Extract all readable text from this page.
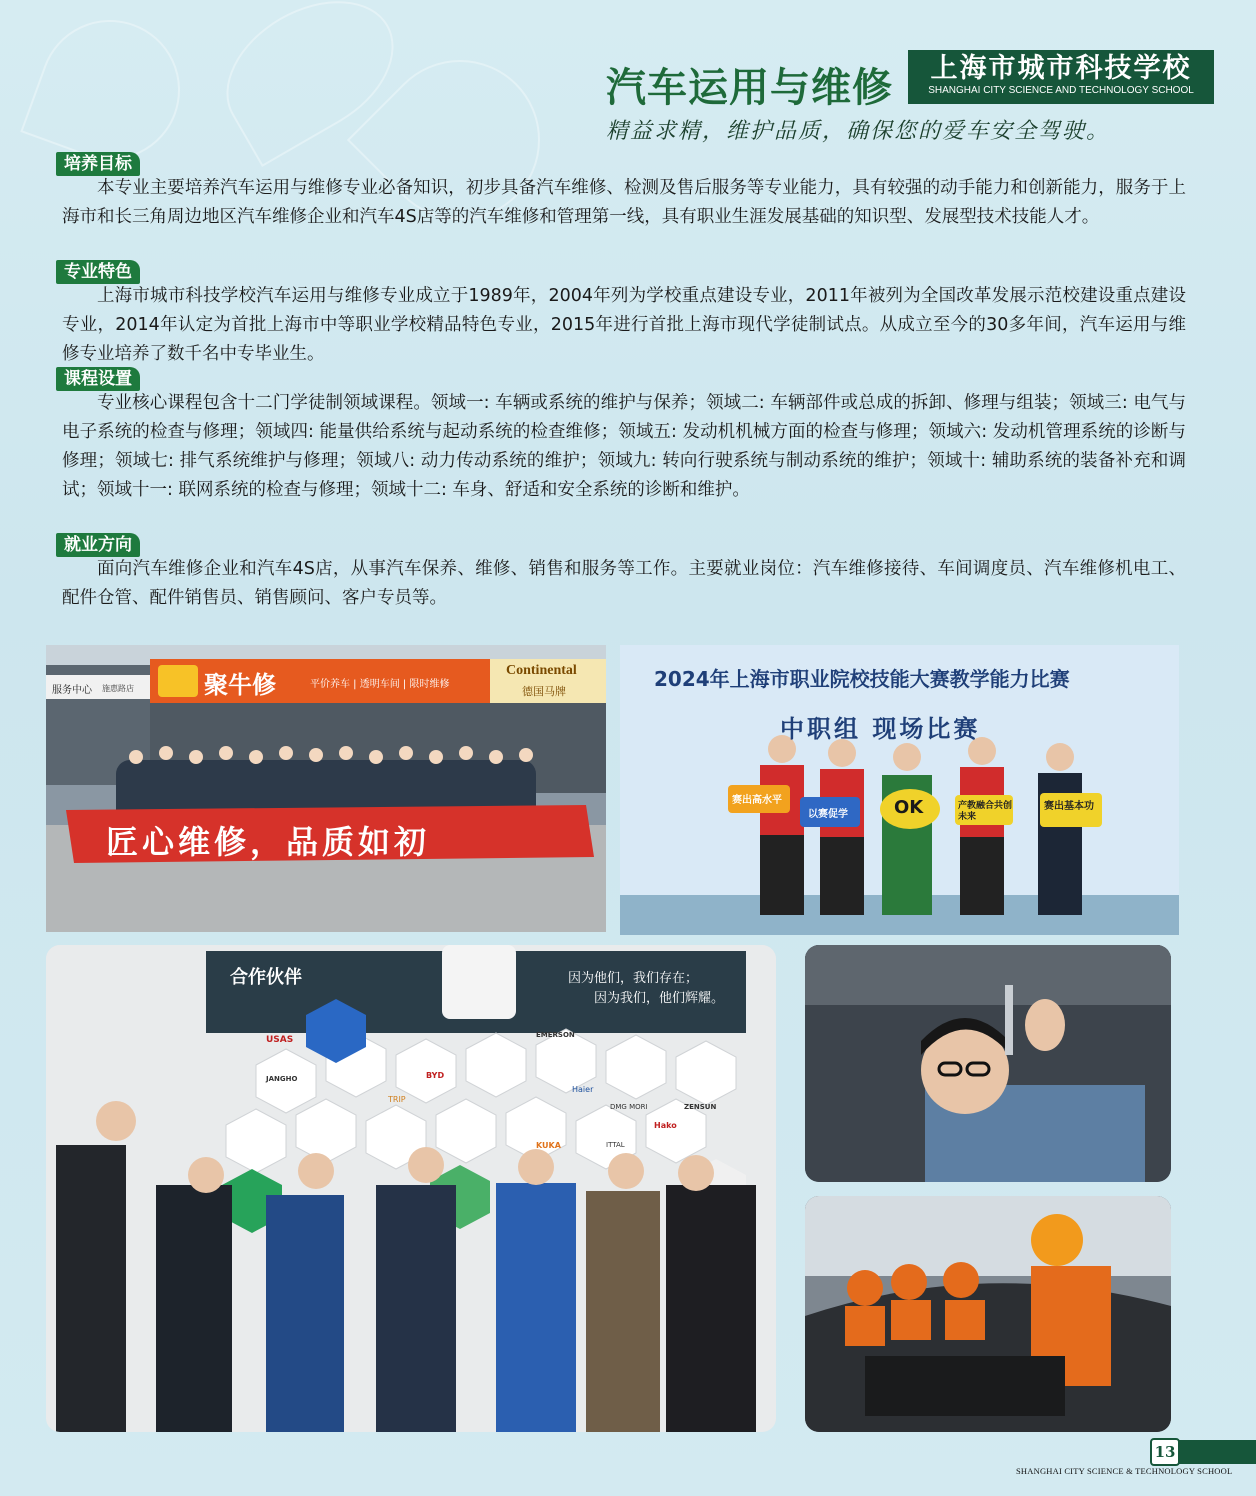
汽车运用与维修	上海市城市科技学校
SHANGHAI CITY SCIENCE AND TECHNOLOGY SCHOOL
精益求精，维护品质，确保您的爱车安全驾驶。
培养目标
本专业主要培养汽车运用与维修专业必备知识，初步具备汽车维修、检测及售后服务等专业能力，具有较强的动手能力和创新能力，服务于上海市和长三角周边地区汽车维修企业和汽车4S店等的汽车维修和管理第一线，具有职业生涯发展基础的知识型、发展型技术技能人才。
专业特色
上海市城市科技学校汽车运用与维修专业成立于1989年，2004年列为学校重点建设专业，2011年被列为全国改革发展示范校建设重点建设专业，2014年认定为首批上海市中等职业学校精品特色专业，2015年进行首批上海市现代学徒制试点。从成立至今的30多年间，汽车运用与维修专业培养了数千名中专毕业生。
课程设置
专业核心课程包含十二门学徒制领域课程。领域一: 车辆或系统的维护与保养；领域二: 车辆部件或总成的拆卸、修理与组装；领域三: 电气与电子系统的检查与修理；领域四: 能量供给系统与起动系统的检查维修；领域五: 发动机机械方面的检查与修理；领域六: 发动机管理系统的诊断与修理；领域七: 排气系统维护与修理；领域八: 动力传动系统的维护；领域九: 转向行驶系统与制动系统的维护；领域十: 辅助系统的装备补充和调试；领域十一: 联网系统的检查与修理；领域十二: 车身、舒适和安全系统的诊断和维护。
就业方向
面向汽车维修企业和汽车4S店，从事汽车保养、维修、销售和服务等工作。主要就业岗位：汽车维修接待、车间调度员、汽车维修机电工、配件仓管、配件销售员、销售顾问、客户专员等。
服务中心 施惠路店	聚牛修	平价养车 | 透明车间 | 限时维修
Continental
德国马牌
匠心维修，品质如初
2024年上海市职业院校技能大赛教学能力比赛
中职组 现场比赛
赛出高水平
以赛促学	OK	产教融合共创未来
赛出基本功
合作伙伴	因为他们，我们存在；
因为我们，他们辉耀。
USAS
JANGHO
TRIP
BYD
EMERSON
Haier
KUKA
DMG MORI	ZENSUN
Hako
ITTAL
13
SHANGHAI CITY SCIENCE & TECHNOLOGY SCHOOL
